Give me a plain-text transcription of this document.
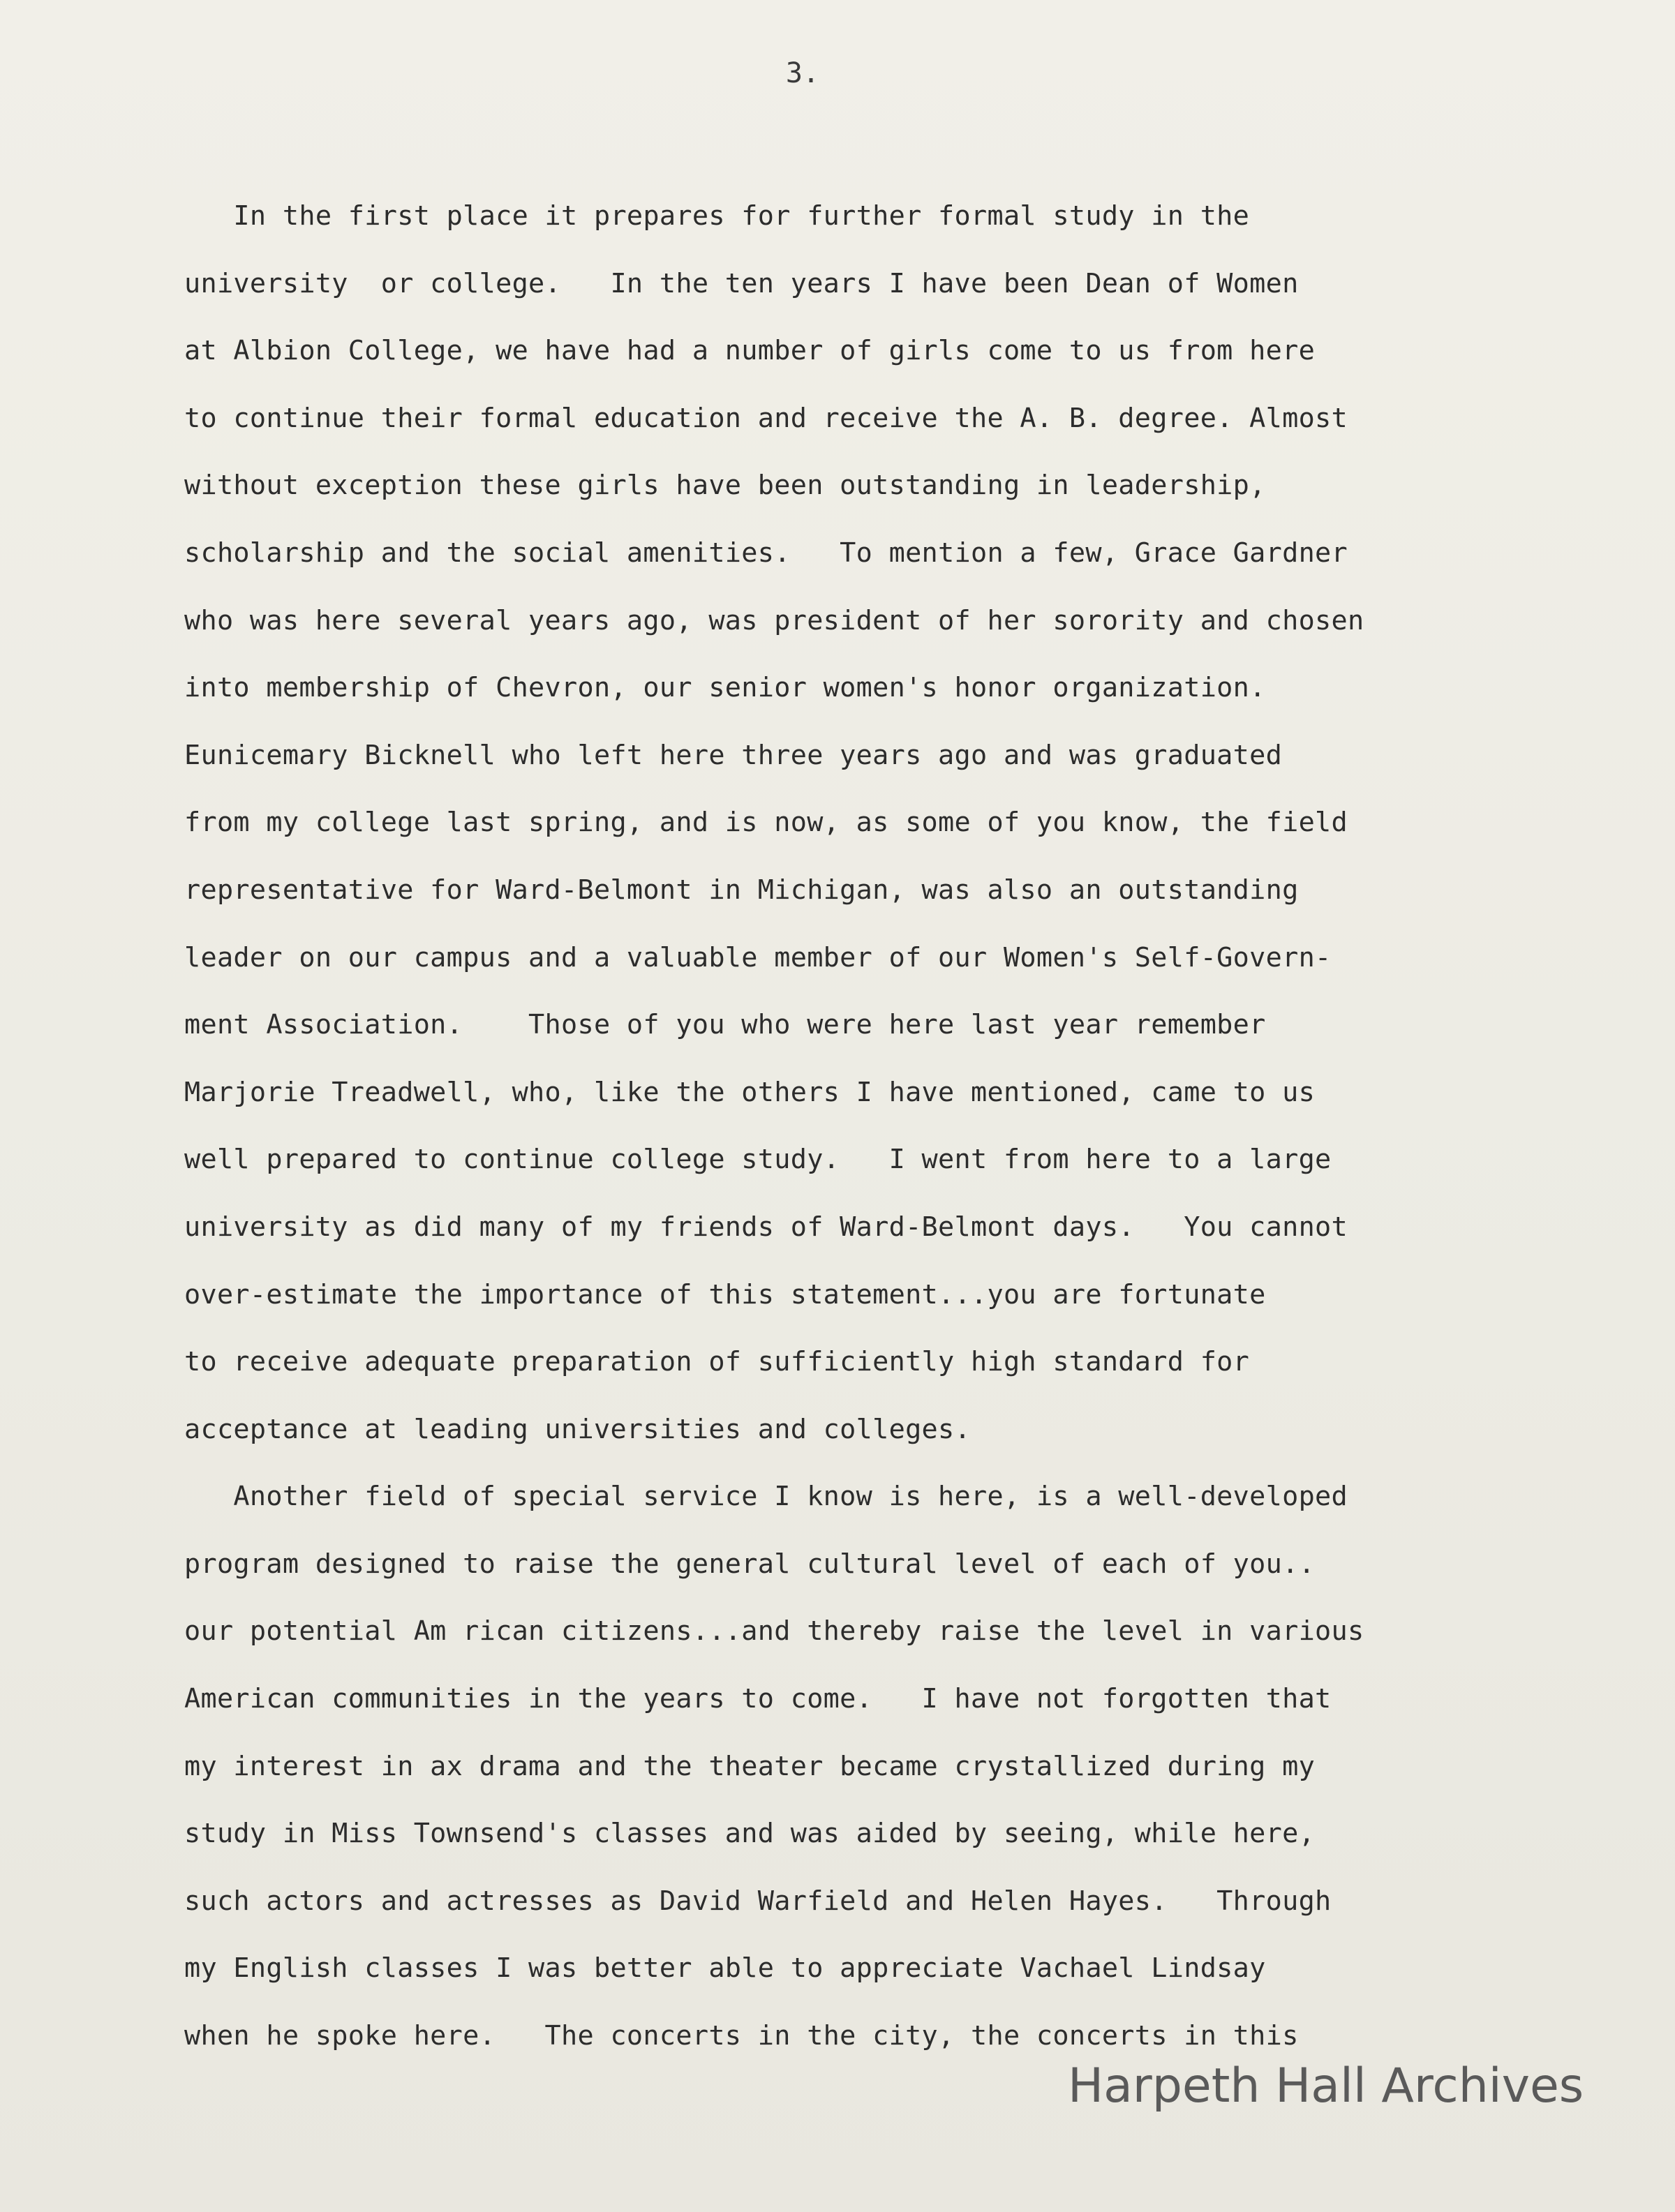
3.
In the first place it prepares for further formal study in the
university  or college.   In the ten years I have been Dean of Women
at Albion College, we have had a number of girls come to us from here
to continue their formal education and receive the A. B. degree. Almost
without exception these girls have been outstanding in leadership,
scholarship and the social amenities.   To mention a few, Grace Gardner
who was here several years ago, was president of her sorority and chosen
into membership of Chevron, our senior women's honor organization.
Eunicemary Bicknell who left here three years ago and was graduated
from my college last spring, and is now, as some of you know, the field
representative for Ward-Belmont in Michigan, was also an outstanding
leader on our campus and a valuable member of our Women's Self-Govern-
ment Association.    Those of you who were here last year remember
Marjorie Treadwell, who, like the others I have mentioned, came to us
well prepared to continue college study.   I went from here to a large
university as did many of my friends of Ward-Belmont days.   You cannot
over-estimate the importance of this statement...you are fortunate
to receive adequate preparation of sufficiently high standard for
acceptance at leading universities and colleges.
Another field of special service I know is here, is a well-developed
program designed to raise the general cultural level of each of you..
our potential Am rican citizens...and thereby raise the level in various
American communities in the years to come.   I have not forgotten that
my interest in ax drama and the theater became crystallized during my
study in Miss Townsend's classes and was aided by seeing, while here,
such actors and actresses as David Warfield and Helen Hayes.   Through
my English classes I was better able to appreciate Vachael Lindsay
when he spoke here.   The concerts in the city, the concerts in this
Harpeth Hall Archives
